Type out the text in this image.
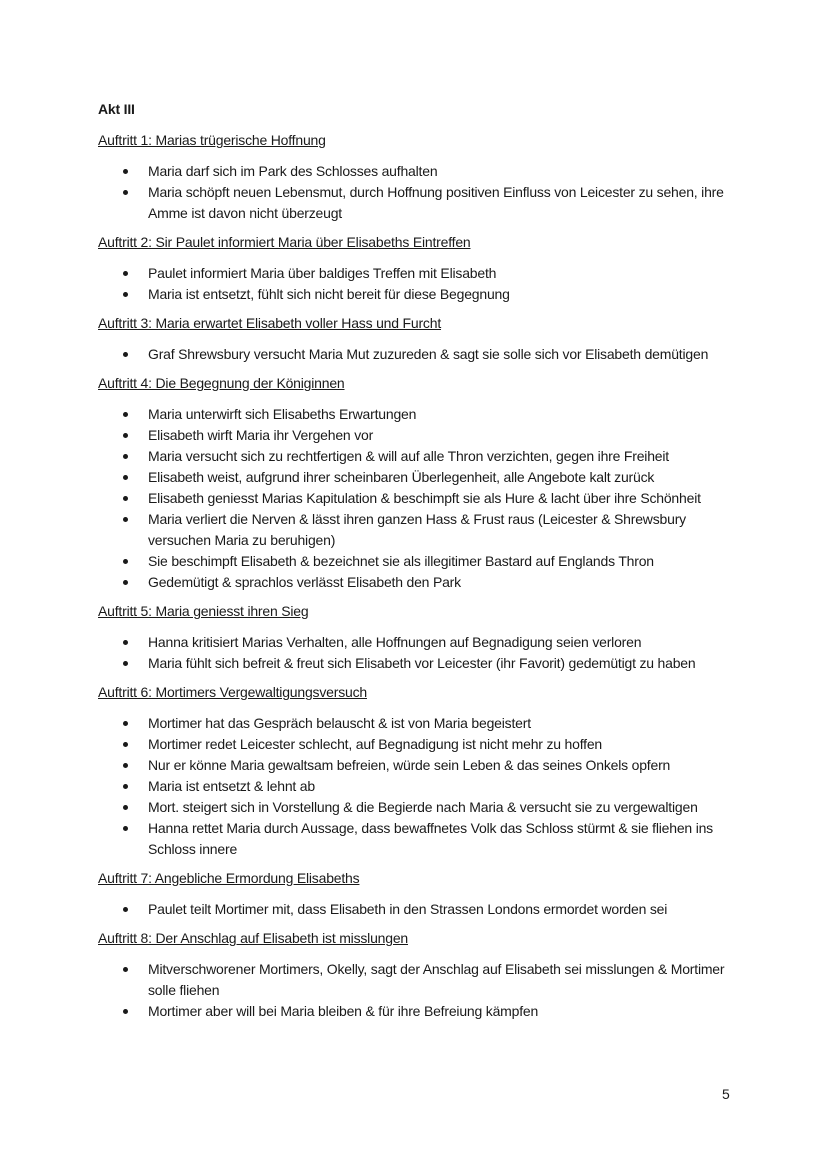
Akt III
Auftritt 1: Marias trügerische Hoffnung
Maria darf sich im Park des Schlosses aufhalten
Maria schöpft neuen Lebensmut, durch Hoffnung positiven Einfluss von Leicester zu sehen, ihre Amme ist davon nicht überzeugt
Auftritt 2: Sir Paulet informiert Maria über Elisabeths Eintreffen
Paulet informiert Maria über baldiges Treffen mit Elisabeth
Maria ist entsetzt, fühlt sich nicht bereit für diese Begegnung
Auftritt 3: Maria erwartet Elisabeth voller Hass und Furcht
Graf Shrewsbury versucht Maria Mut zuzureden & sagt sie solle sich vor Elisabeth demütigen
Auftritt 4: Die Begegnung der Königinnen
Maria unterwirft sich Elisabeths Erwartungen
Elisabeth wirft Maria ihr Vergehen vor
Maria versucht sich zu rechtfertigen & will auf alle Thron verzichten, gegen ihre Freiheit
Elisabeth weist, aufgrund ihrer scheinbaren Überlegenheit, alle Angebote kalt zurück
Elisabeth geniesst Marias Kapitulation & beschimpft sie als Hure & lacht über ihre Schönheit
Maria verliert die Nerven & lässt ihren ganzen Hass & Frust raus (Leicester & Shrewsbury versuchen Maria zu beruhigen)
Sie beschimpft Elisabeth & bezeichnet sie als illegitimer Bastard auf Englands Thron
Gedemütigt & sprachlos verlässt Elisabeth den Park
Auftritt 5: Maria geniesst ihren Sieg
Hanna kritisiert Marias Verhalten, alle Hoffnungen auf Begnadigung seien verloren
Maria fühlt sich befreit & freut sich Elisabeth vor Leicester (ihr Favorit) gedemütigt zu haben
Auftritt 6: Mortimers Vergewaltigungsversuch
Mortimer hat das Gespräch belauscht & ist von Maria begeistert
Mortimer redet Leicester schlecht, auf Begnadigung ist nicht mehr zu hoffen
Nur er könne Maria gewaltsam befreien, würde sein Leben & das seines Onkels opfern
Maria ist entsetzt & lehnt ab
Mort. steigert sich in Vorstellung & die Begierde nach Maria & versucht sie zu vergewaltigen
Hanna rettet Maria durch Aussage, dass bewaffnetes Volk das Schloss stürmt & sie fliehen ins Schloss innere
Auftritt 7: Angebliche Ermordung Elisabeths
Paulet teilt Mortimer mit, dass Elisabeth in den Strassen Londons ermordet worden sei
Auftritt 8: Der Anschlag auf Elisabeth ist misslungen
Mitverschworener Mortimers, Okelly, sagt der Anschlag auf Elisabeth sei misslungen & Mortimer solle fliehen
Mortimer aber will bei Maria bleiben & für ihre Befreiung kämpfen
5
